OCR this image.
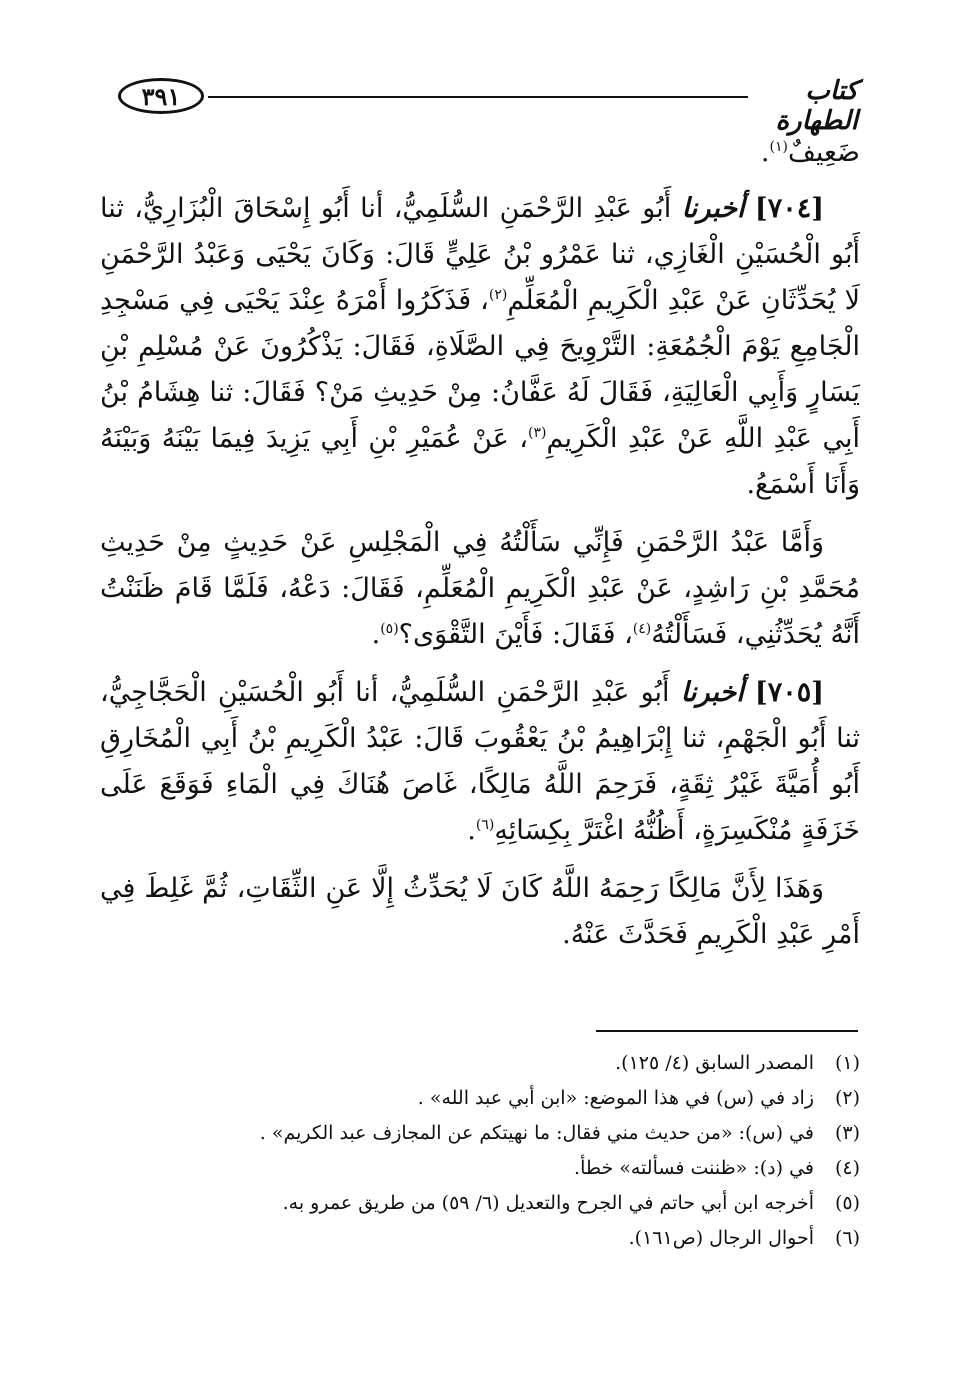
٣٩١	كتاب الطهارة

ضَعِيفٌ$^{(١)}$.

[٧٠٤] أخبرنا أَبُو عَبْدِ الرَّحْمَنِ السُّلَمِيُّ، أنا أَبُو إِسْحَاقَ الْبُزَارِيُّ، ثنا أَبُو الْحُسَيْنِ الْغَازِي، ثنا عَمْرُو بْنُ عَلِيٍّ قَالَ: وَكَانَ يَحْيَى وَعَبْدُ الرَّحْمَنِ لَا يُحَدِّثَانِ عَنْ عَبْدِ الْكَرِيمِ الْمُعَلِّمِ$^{(٢)}$، فَذَكَرُوا أَمْرَهُ عِنْدَ يَحْيَى فِي مَسْجِدِ الْجَامِعِ يَوْمَ الْجُمُعَةِ: التَّرْوِيحَ فِي الصَّلَاةِ، فَقَالَ: يَذْكُرُونَ عَنْ مُسْلِمِ بْنِ يَسَارٍ وَأَبِي الْعَالِيَةِ، فَقَالَ لَهُ عَفَّانُ: مِنْ حَدِيثِ مَنْ؟ فَقَالَ: ثنا هِشَامُ بْنُ أَبِي عَبْدِ اللَّهِ عَنْ عَبْدِ الْكَرِيمِ$^{(٣)}$، عَنْ عُمَيْرِ بْنِ أَبِي يَزِيدَ فِيمَا بَيْنَهُ وَبَيْنَهُ وَأَنَا أَسْمَعُ.

وَأَمَّا عَبْدُ الرَّحْمَنِ فَإِنِّي سَأَلْتُهُ فِي الْمَجْلِسِ عَنْ حَدِيثٍ مِنْ حَدِيثِ مُحَمَّدِ بْنِ رَاشِدٍ، عَنْ عَبْدِ الْكَرِيمِ الْمُعَلِّمِ، فَقَالَ: دَعْهُ، فَلَمَّا قَامَ ظَنَنْتُ أَنَّهُ يُحَدِّثُنِي، فَسَأَلْتُهُ$^{(٤)}$، فَقَالَ: فَأَيْنَ التَّقْوَى؟$^{(٥)}$.

[٧٠٥] أخبرنا أَبُو عَبْدِ الرَّحْمَنِ السُّلَمِيُّ، أنا أَبُو الْحُسَيْنِ الْحَجَّاجِيُّ، ثنا أَبُو الْجَهْمِ، ثنا إِبْرَاهِيمُ بْنُ يَعْقُوبَ قَالَ: عَبْدُ الْكَرِيمِ بْنُ أَبِي الْمُخَارِقِ أَبُو أُمَيَّةَ غَيْرُ ثِقَةٍ، فَرَحِمَ اللَّهُ مَالِكًا، غَاصَ هُنَاكَ فِي الْمَاءِ فَوَقَعَ عَلَى خَزَفَةٍ مُنْكَسِرَةٍ، أَظُنُّهُ اغْتَرَّ بِكِسَائِهِ$^{(٦)}$.

وَهَذَا لِأَنَّ مَالِكًا رَحِمَهُ اللَّهُ كَانَ لَا يُحَدِّثُ إِلَّا عَنِ الثِّقَاتِ، ثُمَّ غَلِطَ فِي أَمْرِ عَبْدِ الْكَرِيمِ فَحَدَّثَ عَنْهُ.

(١)
المصدر السابق (٤/ ١٢٥).
(٢)
زاد في (س) في هذا الموضع: «ابن أبي عبد الله» .
(٣)
في (س): «من حديث مني فقال: ما نهيتكم عن المجازف عبد الكريم» .
(٤)
في (د): «ظننت فسألته» خطأ.
(٥)
أخرجه ابن أبي حاتم في الجرح والتعديل (٦/ ٥٩) من طريق عمرو به.
(٦)
أحوال الرجال (ص١٦١).
